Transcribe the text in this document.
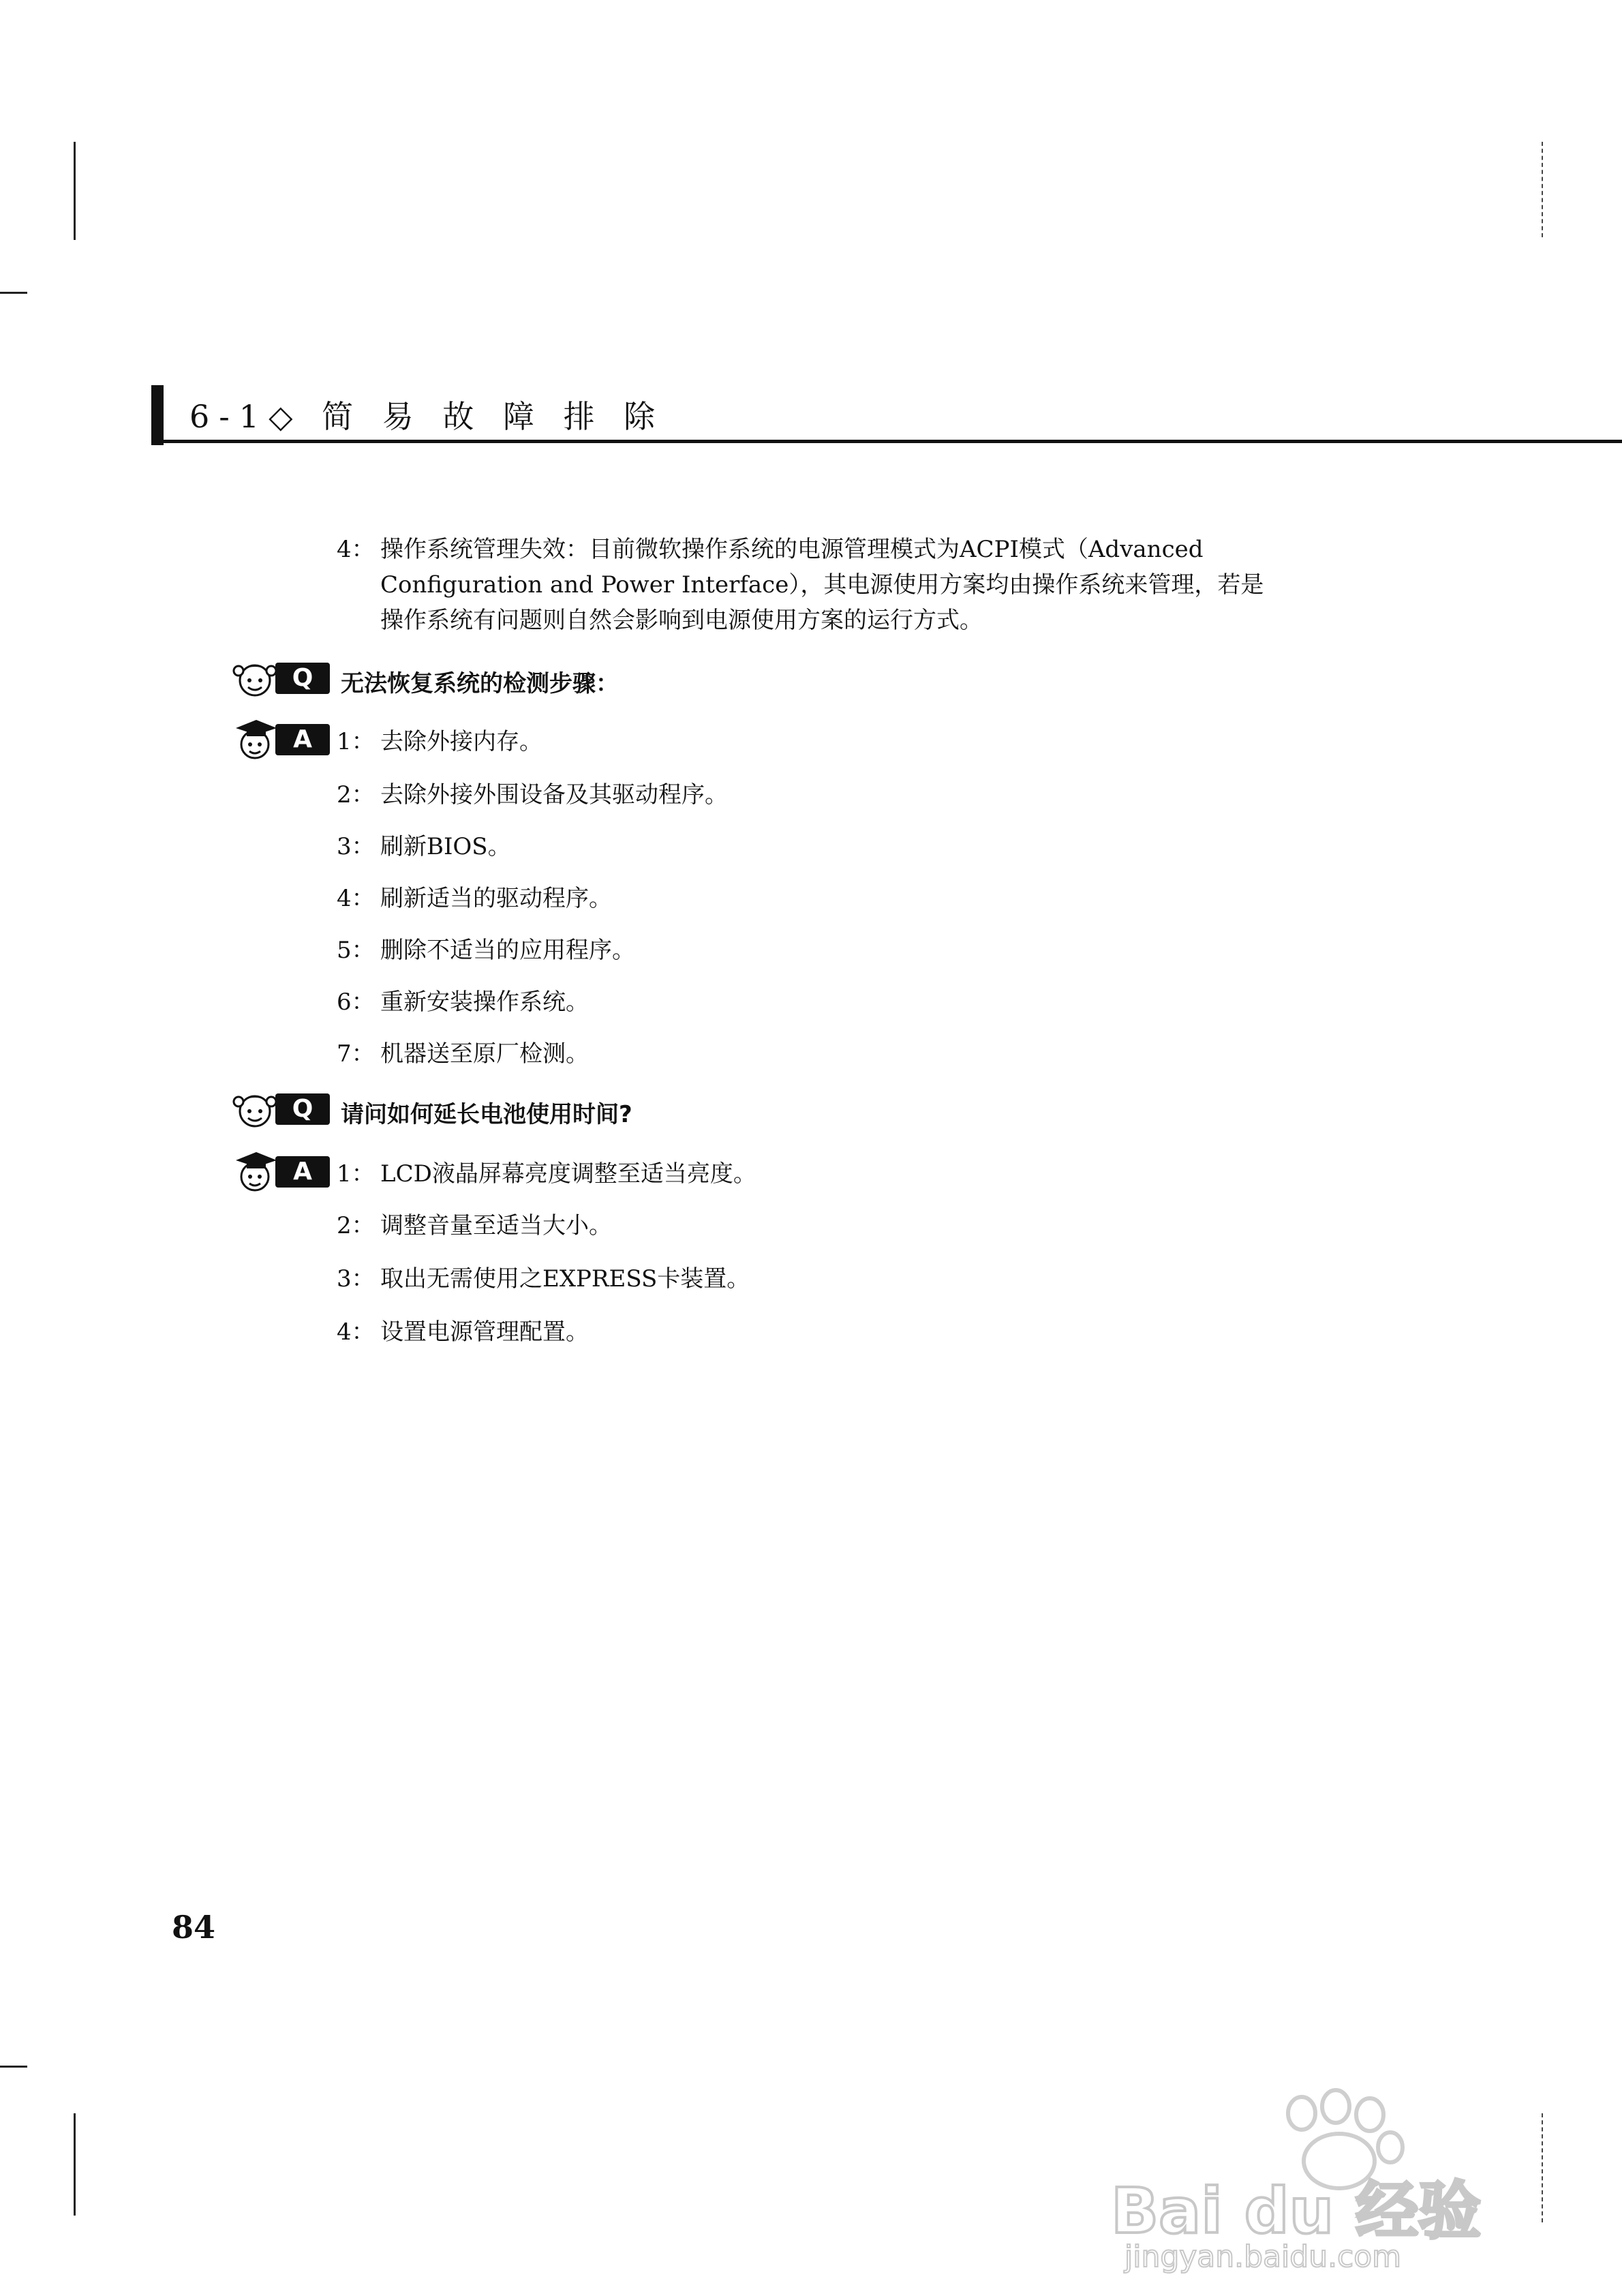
6-1◇ 简 易 故 障 排 除
4： 操作系统管理失效：目前微软操作系统的电源管理模式为ACPI模式（Advanced
Configuration and Power Interface），其电源使用方案均由操作系统来管理，若是
操作系统有问题则自然会影响到电源使用方案的运行方式。
Q	无法恢复系统的检测步骤：
A	1： 去除外接内存。
2： 去除外接外围设备及其驱动程序。
3： 刷新BIOS。
4： 刷新适当的驱动程序。
5： 删除不适当的应用程序。
6： 重新安装操作系统。
7： 机器送至原厂检测。
Q	请问如何延长电池使用时间?
A	1： LCD液晶屏幕亮度调整至适当亮度。
2： 调整音量至适当大小。
3： 取出无需使用之EXPRESS卡装置。
4： 设置电源管理配置。
84
Bai du 经验
jingyan.baidu.com
